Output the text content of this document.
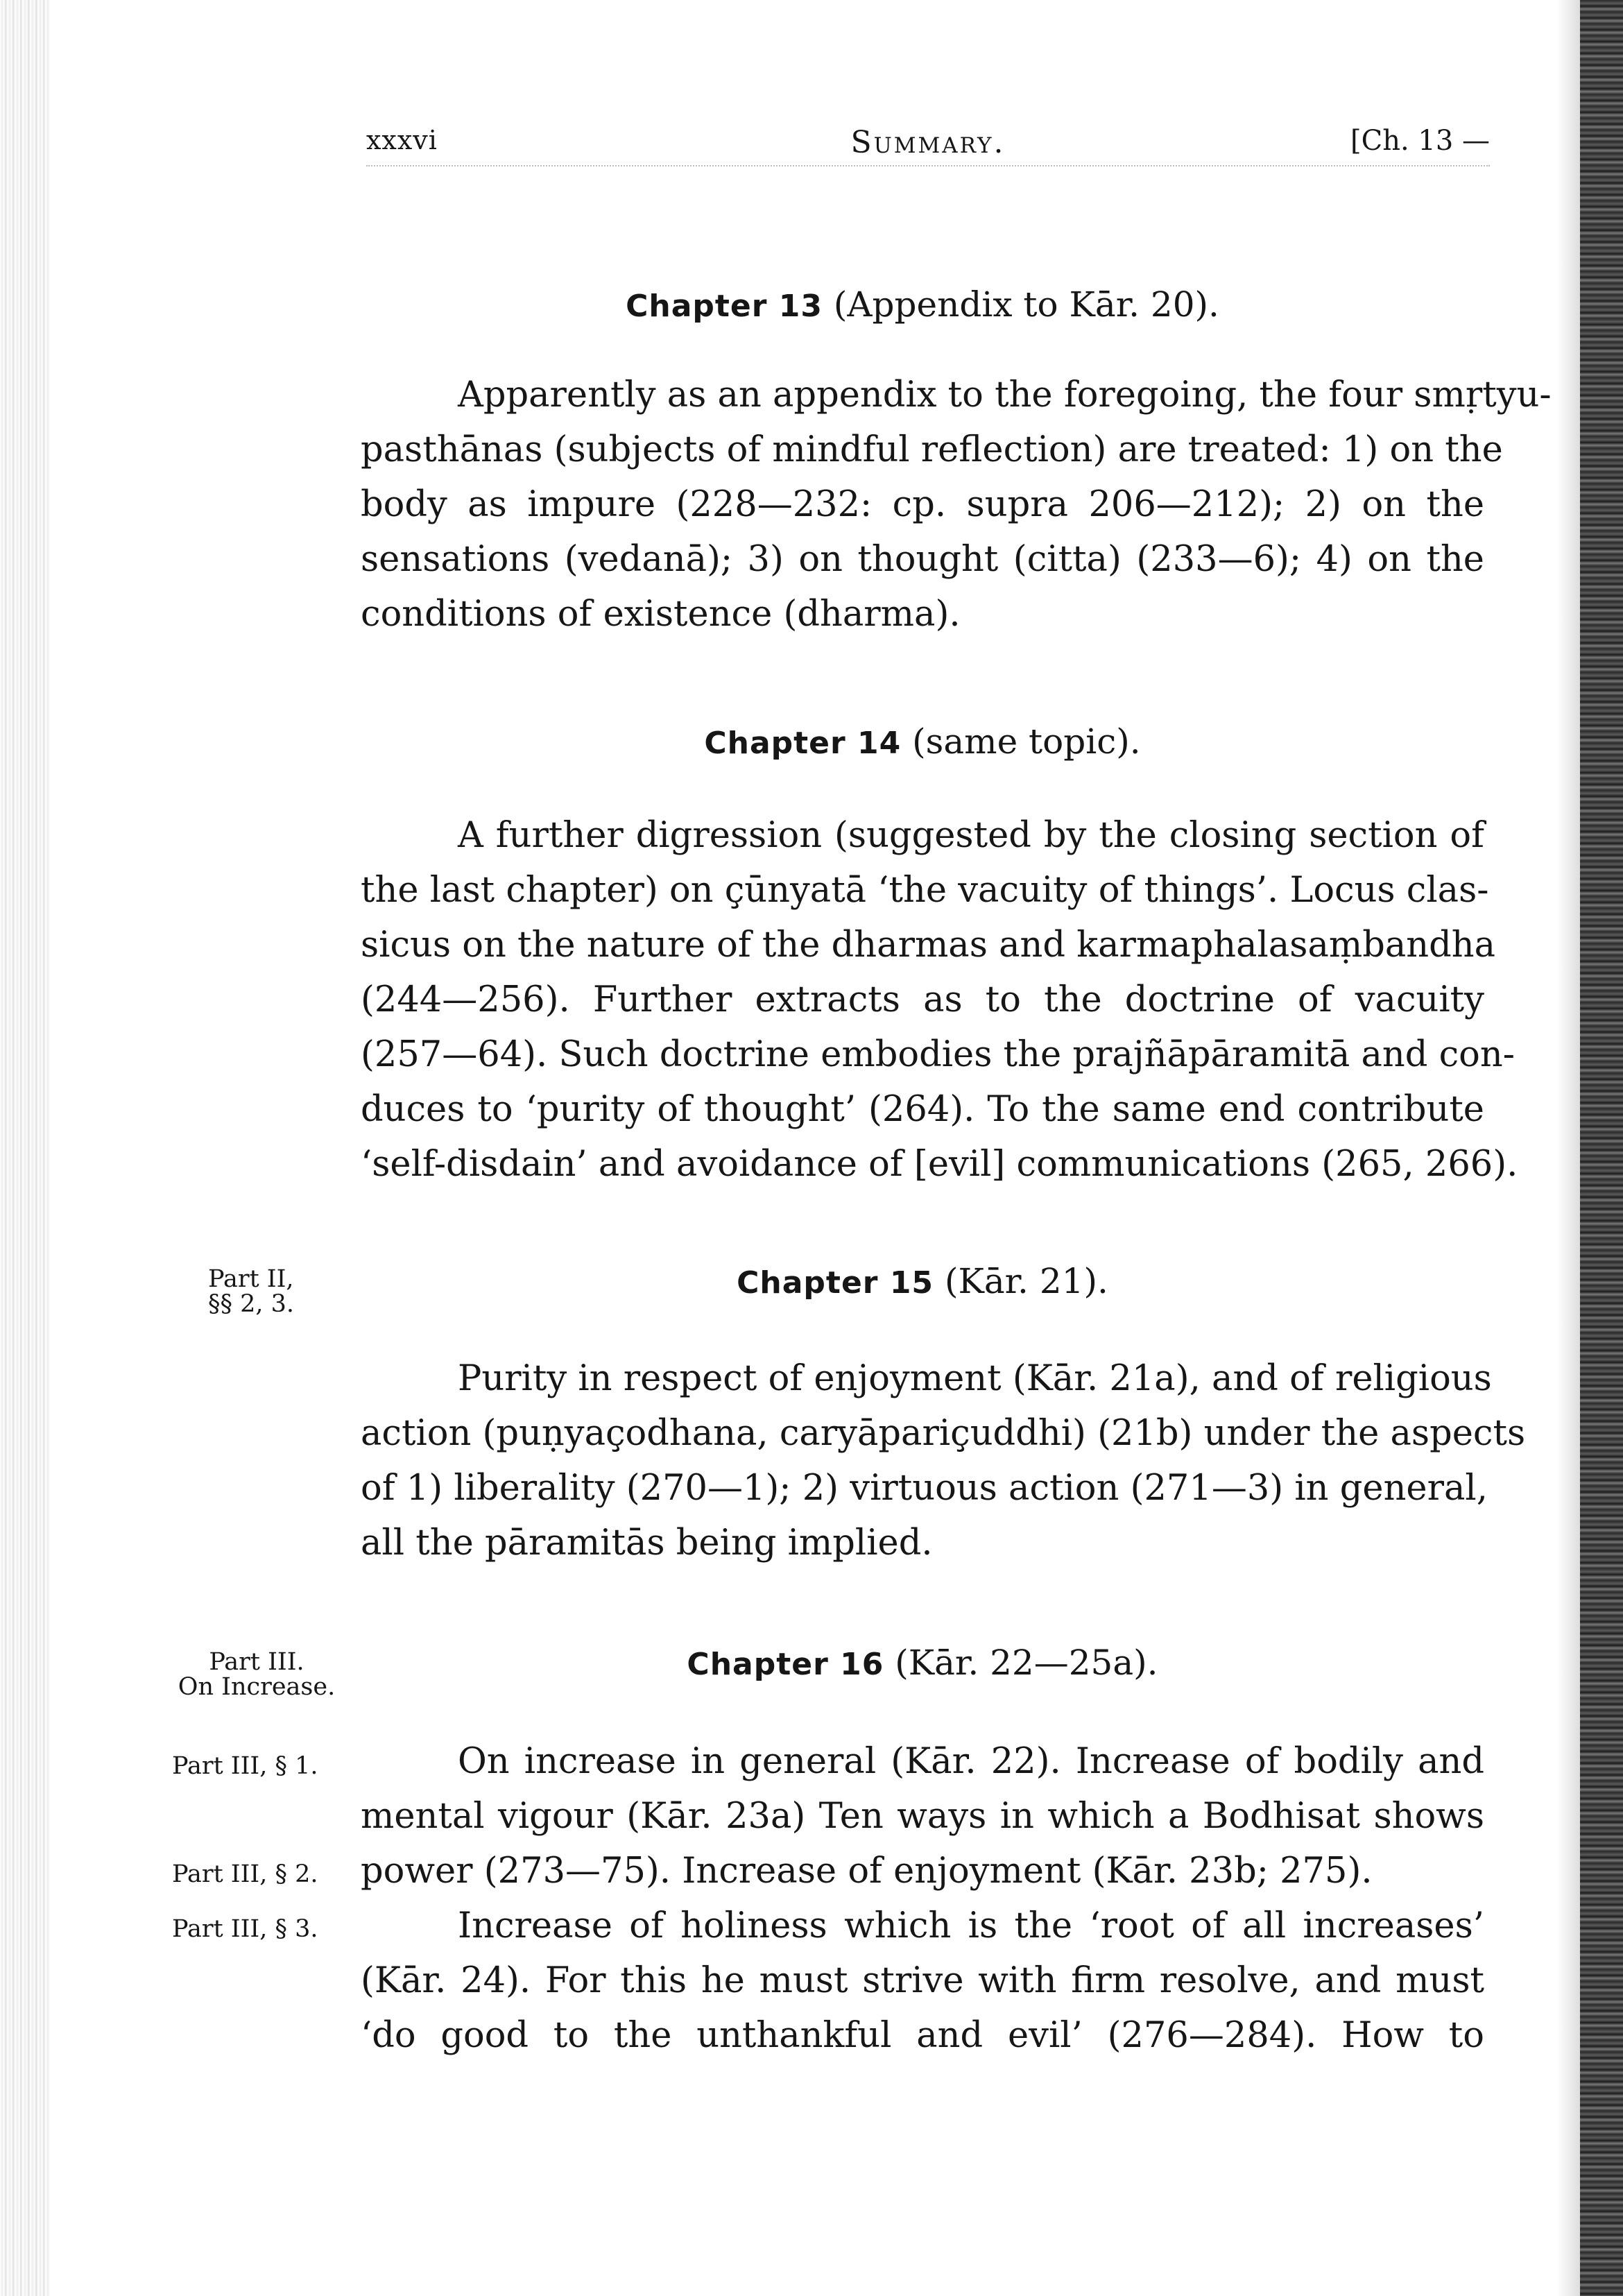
xxxvi	Summary.	[Ch. 13 —
Chapter 13 (Appendix to Kār. 20).
Apparently as an appendix to the foregoing, the four smṛtyu-
pasthānas (subjects of mindful reflection) are treated: 1) on the
body as impure (228—232: cp. supra 206—212); 2) on the
sensations (vedanā); 3) on thought (citta) (233—6); 4) on the
conditions of existence (dharma).
Chapter 14 (same topic).
A further digression (suggested by the closing section of
the last chapter) on çūnyatā ‘the vacuity of things’. Locus clas-
sicus on the nature of the dharmas and karmaphalasaṃbandha
(244—256). Further extracts as to the doctrine of vacuity
(257—64). Such doctrine embodies the prajñāpāramitā and con-
duces to ‘purity of thought’ (264). To the same end contribute
‘self-disdain’ and avoidance of [evil] communications (265, 266).
Part II,
§§ 2, 3.
Chapter 15 (Kār. 21).
Purity in respect of enjoyment (Kār. 21a), and of religious
action (puṇyaçodhana, caryāpariçuddhi) (21b) under the aspects
of 1) liberality (270—1); 2) virtuous action (271—3) in general,
all the pāramitās being implied.
Part III.
On Increase.
Chapter 16 (Kār. 22—25a).
Part III, § 1.
Part III, § 2.
Part III, § 3.
On increase in general (Kār. 22). Increase of bodily and
mental vigour (Kār. 23a) Ten ways in which a Bodhisat shows
power (273—75). Increase of enjoyment (Kār. 23b; 275).
Increase of holiness which is the ‘root of all increases’
(Kār. 24). For this he must strive with firm resolve, and must
‘do good to the unthankful and evil’ (276—284). How to
